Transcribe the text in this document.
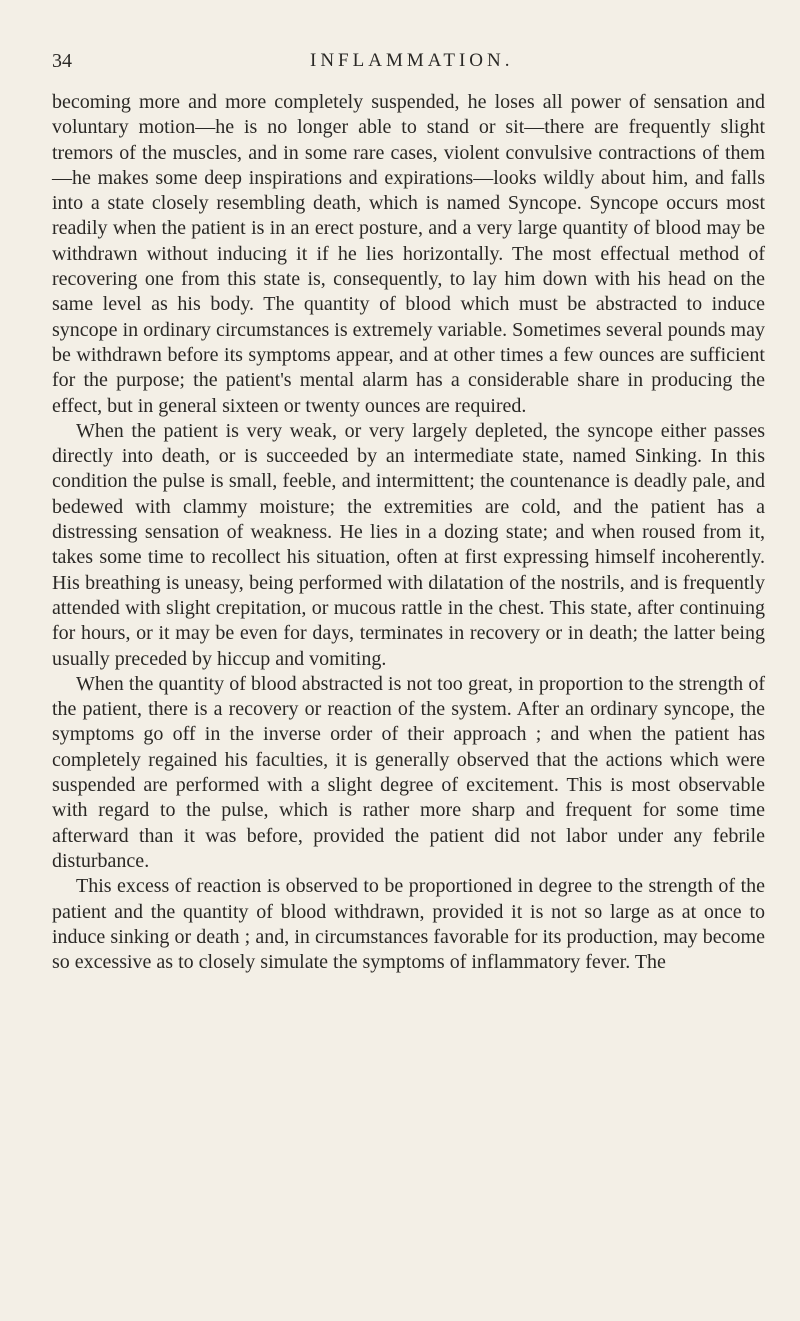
34	INFLAMMATION.

becoming more and more completely suspended, he loses all power of sensation and voluntary motion—he is no longer able to stand or sit—there are frequently slight tremors of the muscles, and in some rare cases, violent convulsive contractions of them—he makes some deep inspirations and expirations—looks wildly about him, and falls into a state closely resembling death, which is named Syncope. Syncope occurs most readily when the patient is in an erect posture, and a very large quantity of blood may be withdrawn without inducing it if he lies horizontally. The most effectual method of recovering one from this state is, consequently, to lay him down with his head on the same level as his body. The quantity of blood which must be abstracted to induce syncope in ordinary circumstances is extremely variable. Sometimes several pounds may be withdrawn before its symptoms appear, and at other times a few ounces are sufficient for the purpose; the patient's mental alarm has a considerable share in producing the effect, but in general sixteen or twenty ounces are required.

When the patient is very weak, or very largely depleted, the syncope either passes directly into death, or is succeeded by an intermediate state, named Sinking. In this condition the pulse is small, feeble, and intermittent; the countenance is deadly pale, and bedewed with clammy moisture; the extremities are cold, and the patient has a distressing sensation of weakness. He lies in a dozing state; and when roused from it, takes some time to recollect his situation, often at first expressing himself incoherently. His breathing is uneasy, being performed with dilatation of the nostrils, and is frequently attended with slight crepitation, or mucous rattle in the chest. This state, after continuing for hours, or it may be even for days, terminates in recovery or in death; the latter being usually preceded by hiccup and vomiting.

When the quantity of blood abstracted is not too great, in proportion to the strength of the patient, there is a recovery or reaction of the system. After an ordinary syncope, the symptoms go off in the inverse order of their approach ; and when the patient has completely regained his faculties, it is generally observed that the actions which were suspended are performed with a slight degree of excitement. This is most observable with regard to the pulse, which is rather more sharp and frequent for some time afterward than it was before, provided the patient did not labor under any febrile disturbance.

This excess of reaction is observed to be proportioned in degree to the strength of the patient and the quantity of blood withdrawn, provided it is not so large as at once to induce sinking or death ; and, in circumstances favorable for its production, may become so excessive as to closely simulate the symptoms of inflammatory fever. The
